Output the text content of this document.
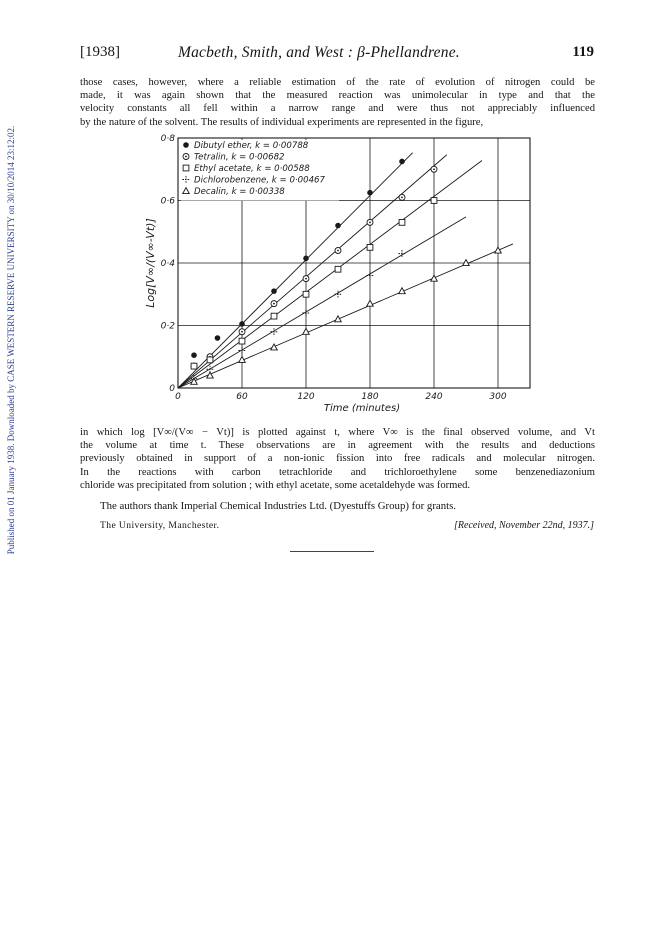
Published on 01 January 1938. Downloaded by CASE WESTERN RESERVE UNIVERSITY on 30/10/2014 23:12:02.
[1938]	Macbeth, Smith, and West : β-Phellandrene.	119

those cases, however, where a reliable estimation of the rate of evolution of nitrogen could be
made, it was again shown that the measured reaction was unimolecular in type and that the
velocity constants all fell within a narrow range and were thus not appreciably influenced
by the nature of the solvent. The results of individual experiments are represented in the figure,

0	60	120	180	240	300
0
0·2
0·4
0·6
0·8
Dibutyl ether, k = 0·00788
Tetralin, k = 0·00682
Ethyl acetate, k = 0·00588
Dichlorobenzene, k = 0·00467
Decalin, k = 0·00338
Log[V∞/(V∞-Vt)]
Time (minutes)

in which log [V∞/(V∞ − Vt)] is plotted against t, where V∞ is the final observed volume, and Vt
the volume at time t. These observations are in agreement with the results and deductions
previously obtained in support of a non-ionic fission into free radicals and molecular nitrogen.
In the reactions with carbon tetrachloride and trichloroethylene some benzenediazonium
chloride was precipitated from solution ; with ethyl acetate, some acetaldehyde was formed.

The authors thank Imperial Chemical Industries Ltd. (Dyestuffs Group) for grants.
The University, Manchester.	[Received, November 22nd, 1937.]
